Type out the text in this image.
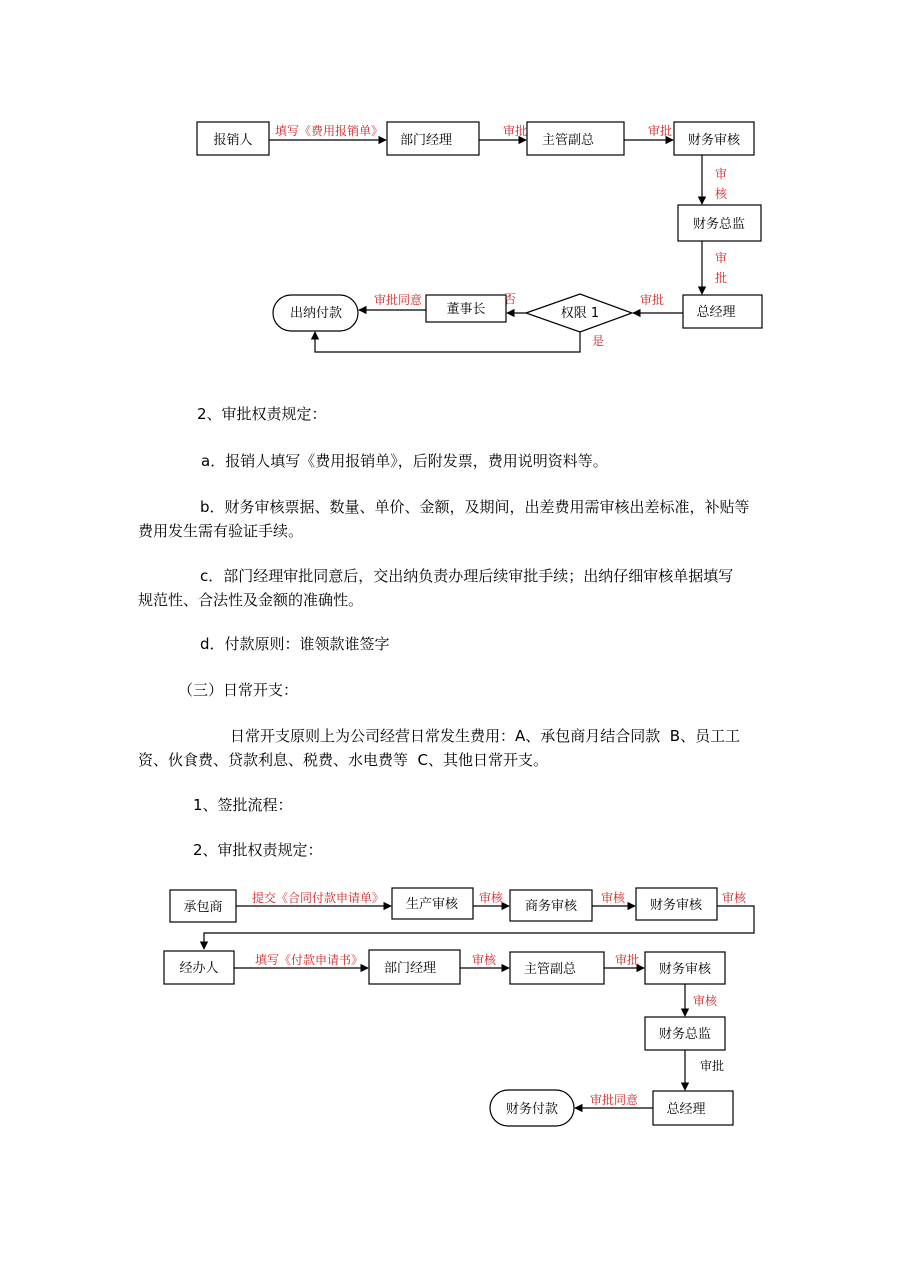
报销人	部门经理	主管副总	财务审核
财务总监
总经理
权限 1
董事长
出纳付款
填写《费用报销单》	审批	审批
审
核
审
批
审批
否
审批同意
是
2、审批权责规定：
a．报销人填写《费用报销单》，后附发票，费用说明资料等。
b．财务审核票据、数量、单价、金额，及期间，出差费用需审核出差标准，补贴等
费用发生需有验证手续。
c．部门经理审批同意后，交出纳负责办理后续审批手续；出纳仔细审核单据填写
规范性、合法性及金额的准确性。
d．付款原则：谁领款谁签字
（三）日常开支：
日常开支原则上为公司经营日常发生费用：A、承包商月结合同款  B、员工工
资、伙食费、贷款利息、税费、水电费等  C、其他日常开支。
1、签批流程：
2、审批权责规定：
承包商	生产审核	商务审核	财务审核
经办人	部门经理	主管副总	财务审核
财务总监
总经理
财务付款
提交《合同付款申请单》	审核	审核	审核
填写《付款申请书》	审核	审批
审核
审批同意
审批
